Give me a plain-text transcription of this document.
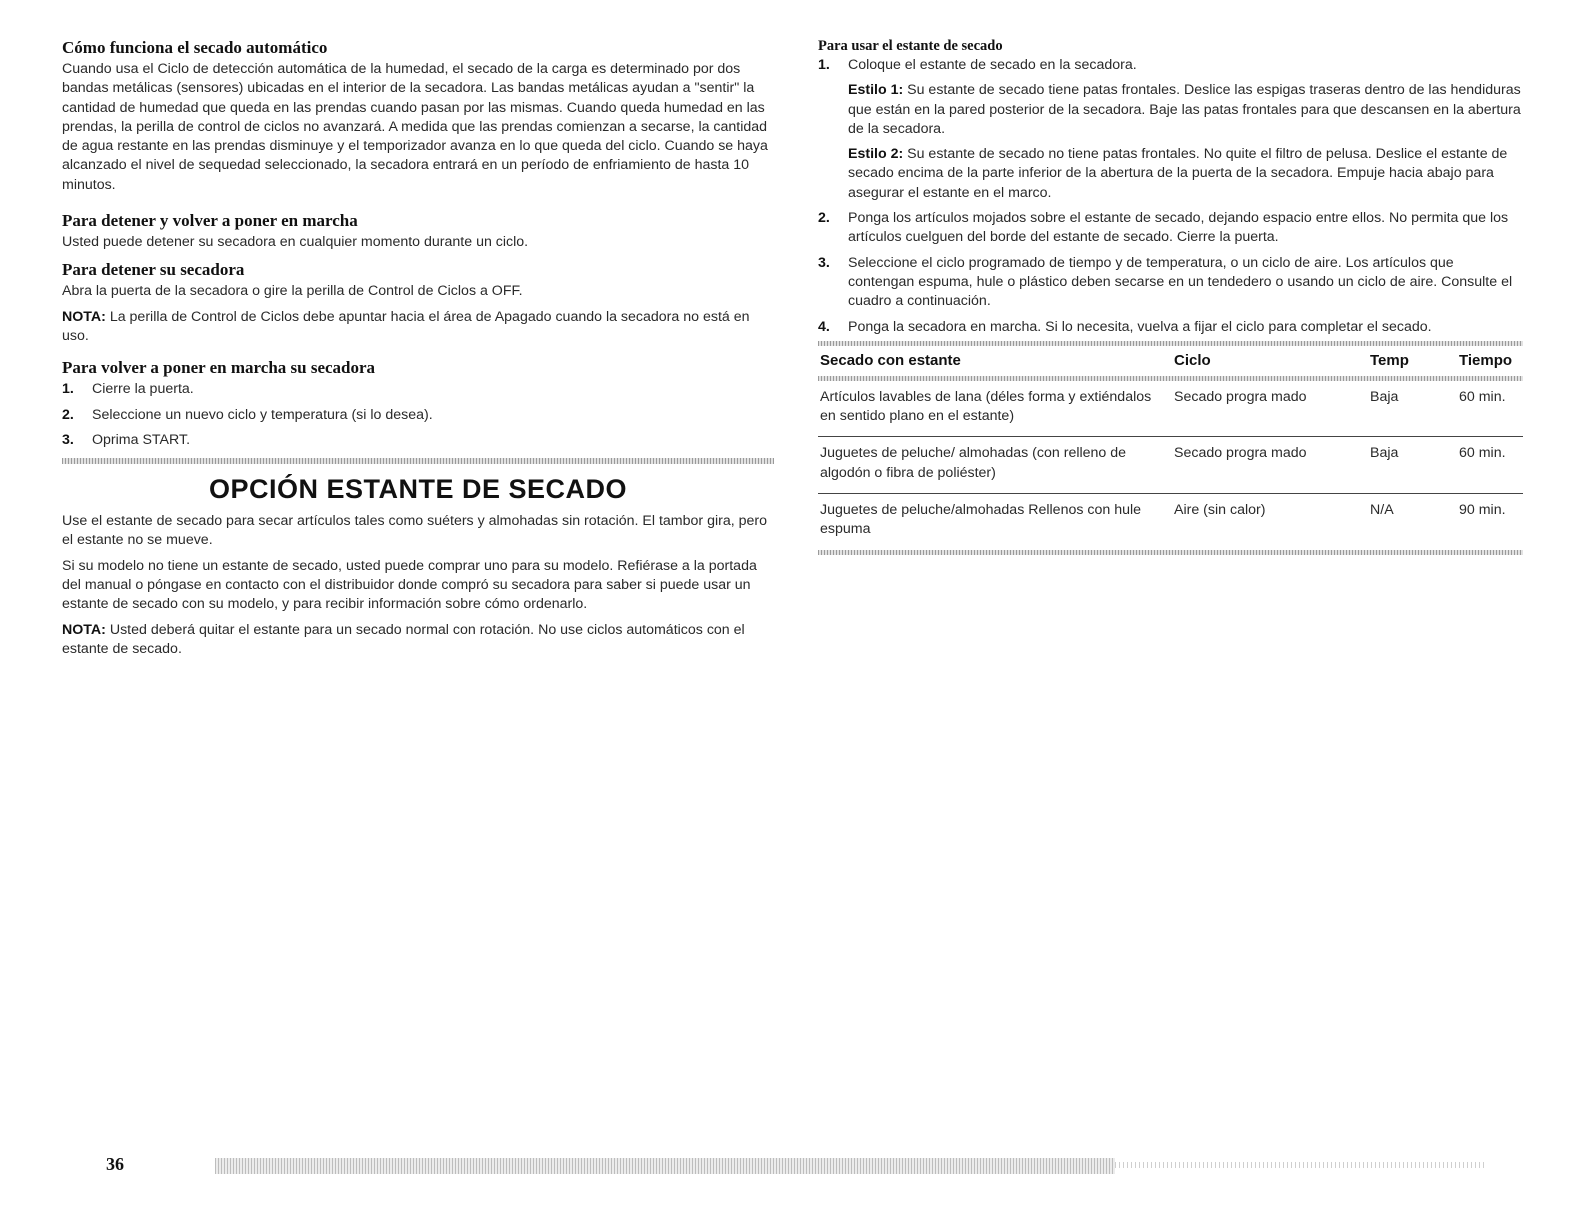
Cómo funciona el secado automático

Cuando usa el Ciclo de detección automática de la humedad, el secado de la carga es determinado por dos bandas metálicas (sensores) ubicadas en el interior de la secadora. Las bandas metálicas ayudan a "sentir" la cantidad de humedad que queda en las prendas cuando pasan por las mismas. Cuando queda humedad en las prendas, la perilla de control de ciclos no avanzará. A medida que las prendas comienzan a secarse, la cantidad de agua restante en las prendas disminuye y el temporizador avanza en lo que queda del ciclo. Cuando se haya alcanzado el nivel de sequedad seleccionado, la secadora entrará en un período de enfriamiento de hasta 10 minutos.

Para detener y volver a poner en marcha

Usted puede detener su secadora en cualquier momento durante un ciclo.

Para detener su secadora

Abra la puerta de la secadora o gire la perilla de Control de Ciclos a OFF.

NOTA: La perilla de Control de Ciclos debe apuntar hacia el área de Apagado cuando la secadora no está en uso.

Para volver a poner en marcha su secadora
1. Cierre la puerta.
2. Seleccione un nuevo ciclo y temperatura (si lo desea).
3. Oprima START.
OPCIÓN ESTANTE DE SECADO

Use el estante de secado para secar artículos tales como suéters y almohadas sin rotación. El tambor gira, pero el estante no se mueve.

Si su modelo no tiene un estante de secado, usted puede comprar uno para su modelo. Refiérase a la portada del manual o póngase en contacto con el distribuidor donde compró su secadora para saber si puede usar un estante de secado con su modelo, y para recibir información sobre cómo ordenarlo.

NOTA: Usted deberá quitar el estante para un secado normal con rotación. No use ciclos automáticos con el estante de secado.

Para usar el estante de secado
1. Coloque el estante de secado en la secadora.
Estilo 1: Su estante de secado tiene patas frontales. Deslice las espigas traseras dentro de las hendiduras que están en la pared posterior de la secadora. Baje las patas frontales para que descansen en la abertura de la secadora.
Estilo 2: Su estante de secado no tiene patas frontales. No quite el filtro de pelusa. Deslice el estante de secado encima de la parte inferior de la abertura de la puerta de la secadora. Empuje hacia abajo para asegurar el estante en el marco.
2. Ponga los artículos mojados sobre el estante de secado, dejando espacio entre ellos. No permita que los artículos cuelguen del borde del estante de secado. Cierre la puerta.
3. Seleccione el ciclo programado de tiempo y de temperatura, o un ciclo de aire. Los artículos que contengan espuma, hule o plástico deben secarse en un tendedero o usando un ciclo de aire. Consulte el cuadro a continuación.
4. Ponga la secadora en marcha. Si lo necesita, vuelva a fijar el ciclo para completar el secado.

Secado con estante	Ciclo	Temp	Tiempo

Artículos lavables de lana (déles forma y extiéndalos en sentido plano en el estante)	Secado progra mado	Baja	60 min.
Juguetes de peluche/ almohadas (con relleno de algodón o fibra de poliéster)	Secado progra mado	Baja	60 min.
Juguetes de peluche/almohadas Rellenos con hule espuma	Aire (sin calor)	N/A	90 min.

36
